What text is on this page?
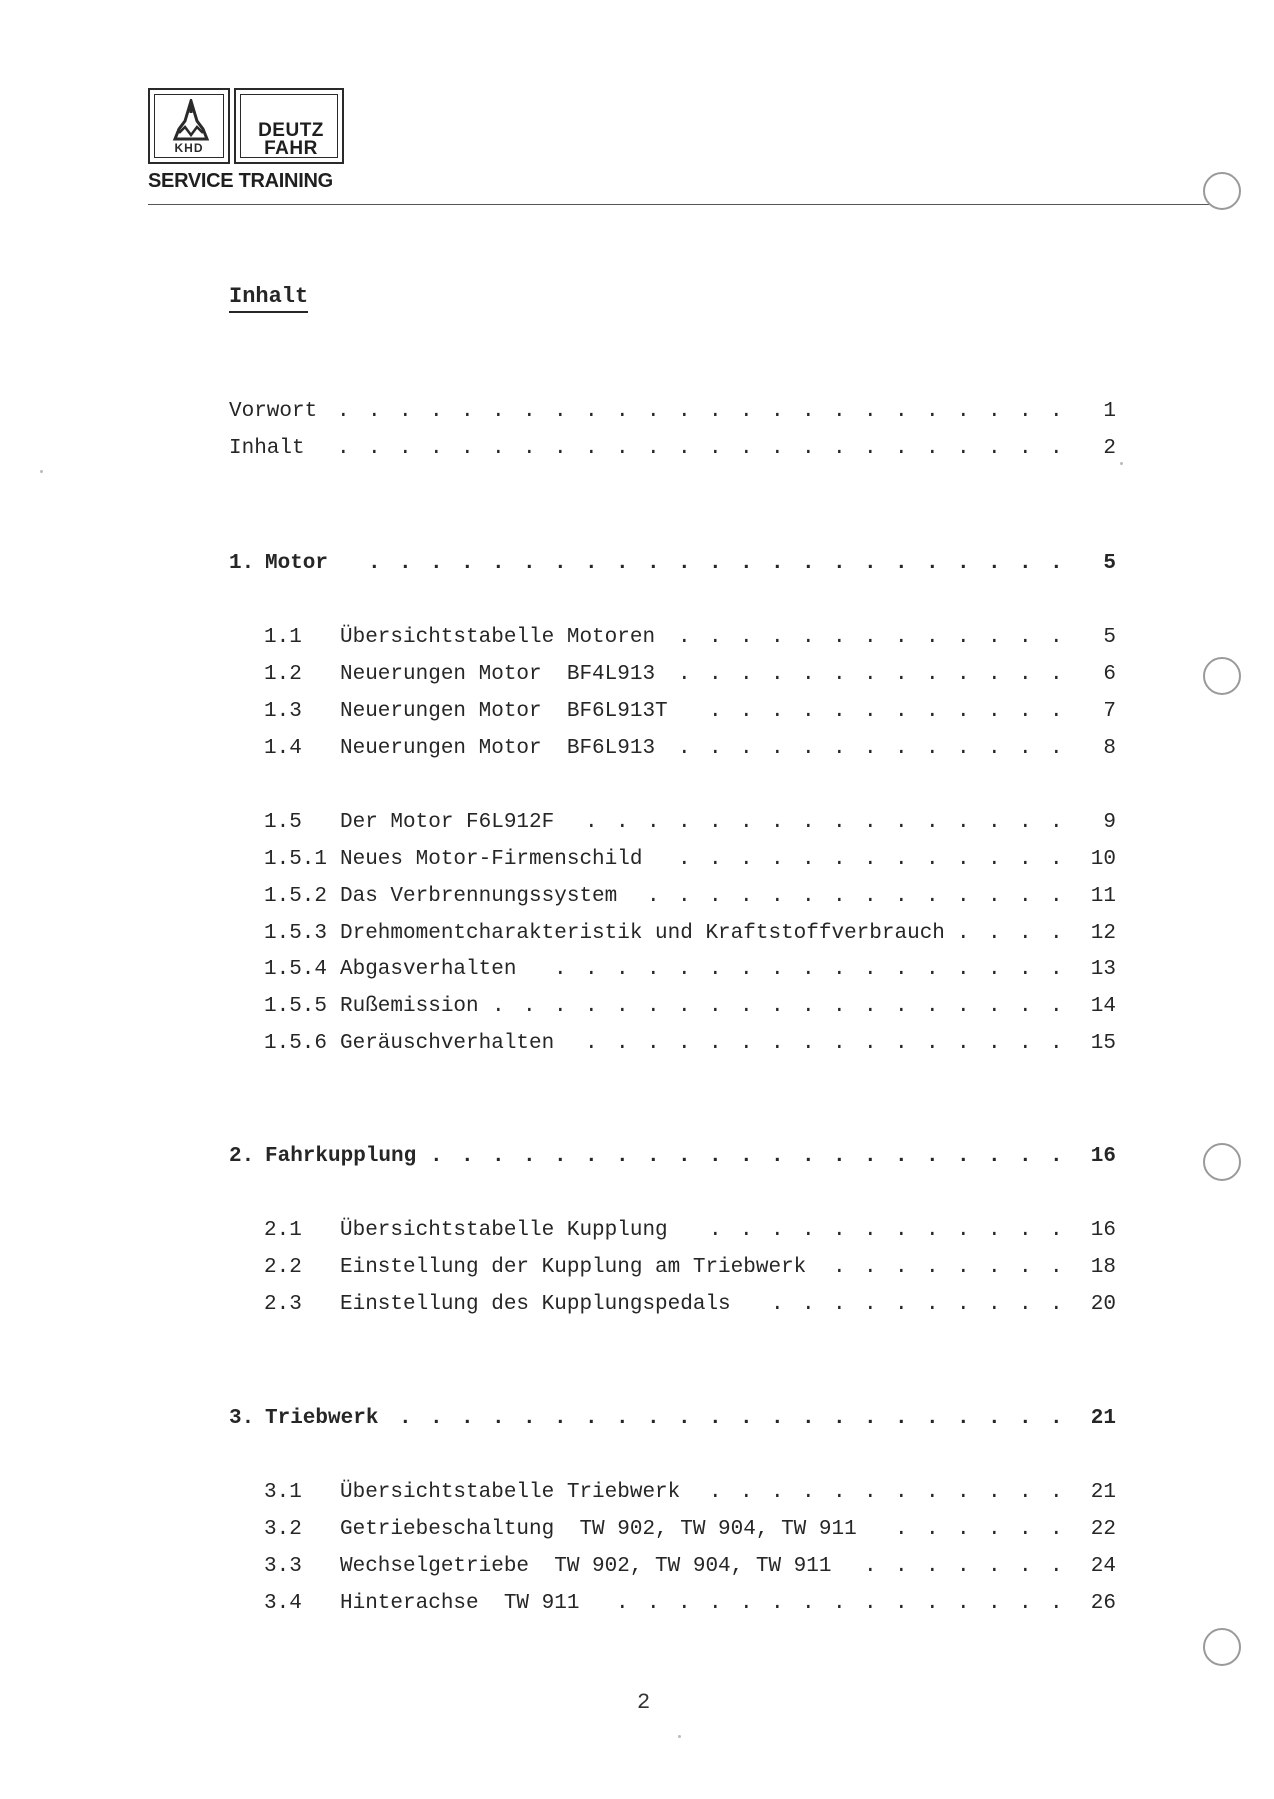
KHD
DEUTZ
FAHR
SERVICE TRAINING
Inhalt
Vorwort . . . . . . . . . . . . . . . . . . . . . . . . 1
Inhalt . . . . . . . . . . . . . . . . . . . . . . . . 2
1. Motor . . . . . . . . . . . . . . . . . . . . . . . 5
1.1 Übersichtstabelle Motoren . . . . . . . . . . . . . 5
1.2 Neuerungen Motor  BF4L913 . . . . . . . . . . . . . 6
1.3 Neuerungen Motor  BF6L913T . . . . . . . . . . . . 7
1.4 Neuerungen Motor  BF6L913 . . . . . . . . . . . . . 8
1.5 Der Motor F6L912F . . . . . . . . . . . . . . . . 9
1.5.1 Neues Motor-Firmenschild . . . . . . . . . . . . . 10
1.5.2 Das Verbrennungssystem . . . . . . . . . . . . . . 11
1.5.3 Drehmomentcharakteristik und Kraftstoffverbrauch . . . . 12
1.5.4 Abgasverhalten . . . . . . . . . . . . . . . . . 13
1.5.5 Rußemission . . . . . . . . . . . . . . . . . . . 14
1.5.6 Geräuschverhalten . . . . . . . . . . . . . . . . 15
2. Fahrkupplung . . . . . . . . . . . . . . . . . . . . . 16
2.1 Übersichtstabelle Kupplung . . . . . . . . . . . . 16
2.2 Einstellung der Kupplung am Triebwerk . . . . . . . . 18
2.3 Einstellung des Kupplungspedals . . . . . . . . . . 20
3. Triebwerk . . . . . . . . . . . . . . . . . . . . . . 21
3.1 Übersichtstabelle Triebwerk . . . . . . . . . . . . 21
3.2 Getriebeschaltung  TW 902, TW 904, TW 911 . . . . . . 22
3.3 Wechselgetriebe  TW 902, TW 904, TW 911 . . . . . . . 24
3.4 Hinterachse  TW 911 . . . . . . . . . . . . . . . 26
2
